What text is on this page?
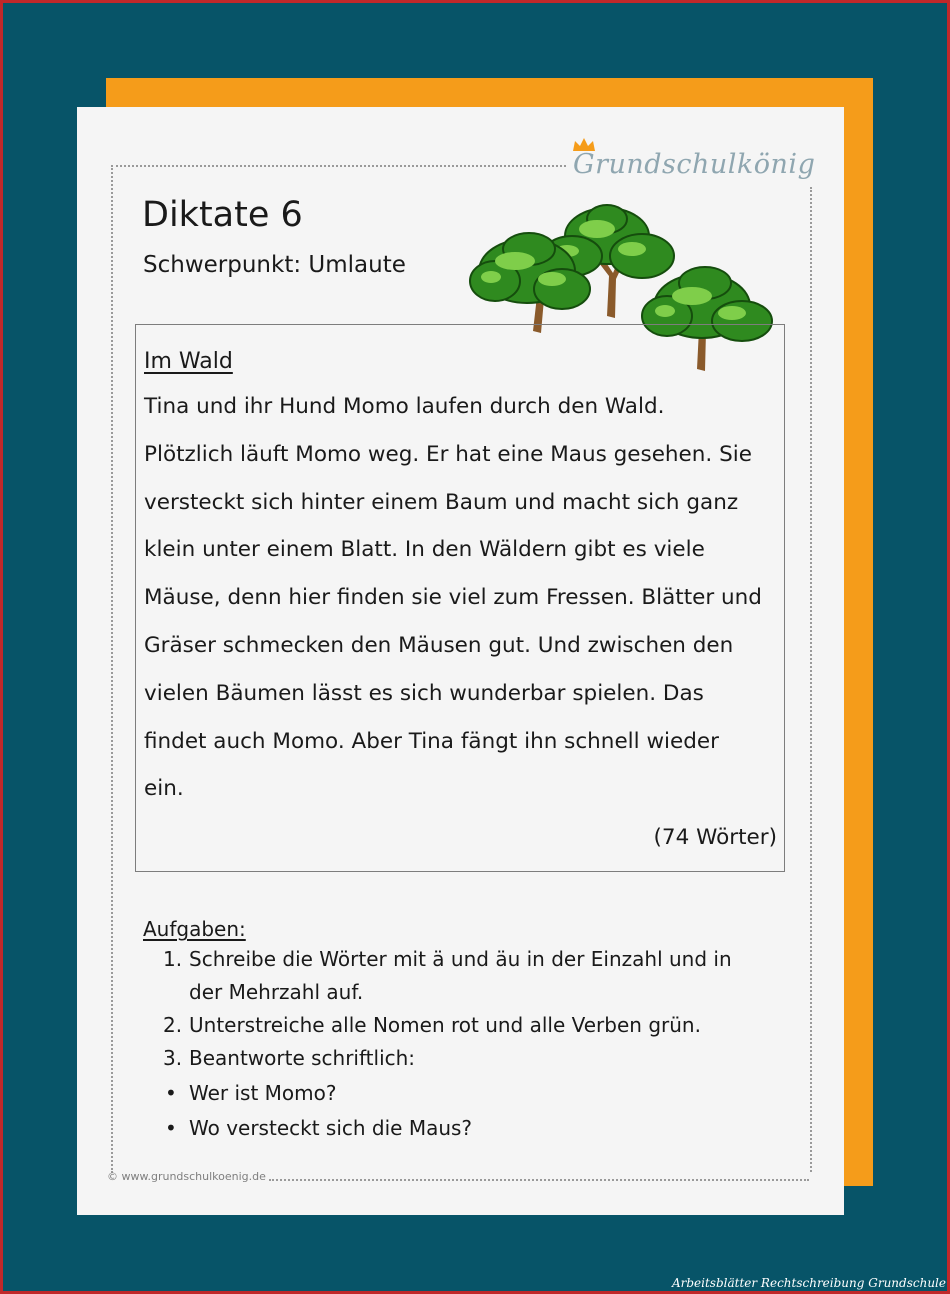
Grundschulkönig
Diktate 6
Schwerpunkt: Umlaute
Im Wald
Tina und ihr Hund Momo laufen durch den Wald.
Plötzlich läuft Momo weg. Er hat eine Maus gesehen. Sie
versteckt sich hinter einem Baum und macht sich ganz
klein unter einem Blatt. In den Wäldern gibt es viele
Mäuse, denn hier finden sie viel zum Fressen. Blätter und
Gräser schmecken den Mäusen gut. Und zwischen den
vielen Bäumen lässt es sich wunderbar spielen. Das
findet auch Momo. Aber Tina fängt ihn schnell wieder
ein.
(74 Wörter)
Aufgaben:
1. Schreibe die Wörter mit ä und äu in der Einzahl und in
der Mehrzahl auf.
2. Unterstreiche alle Nomen rot und alle Verben grün.
3. Beantworte schriftlich:
• Wer ist Momo?
• Wo versteckt sich die Maus?
© www.grundschulkoenig.de
Arbeitsblätter Rechtschreibung Grundschule
